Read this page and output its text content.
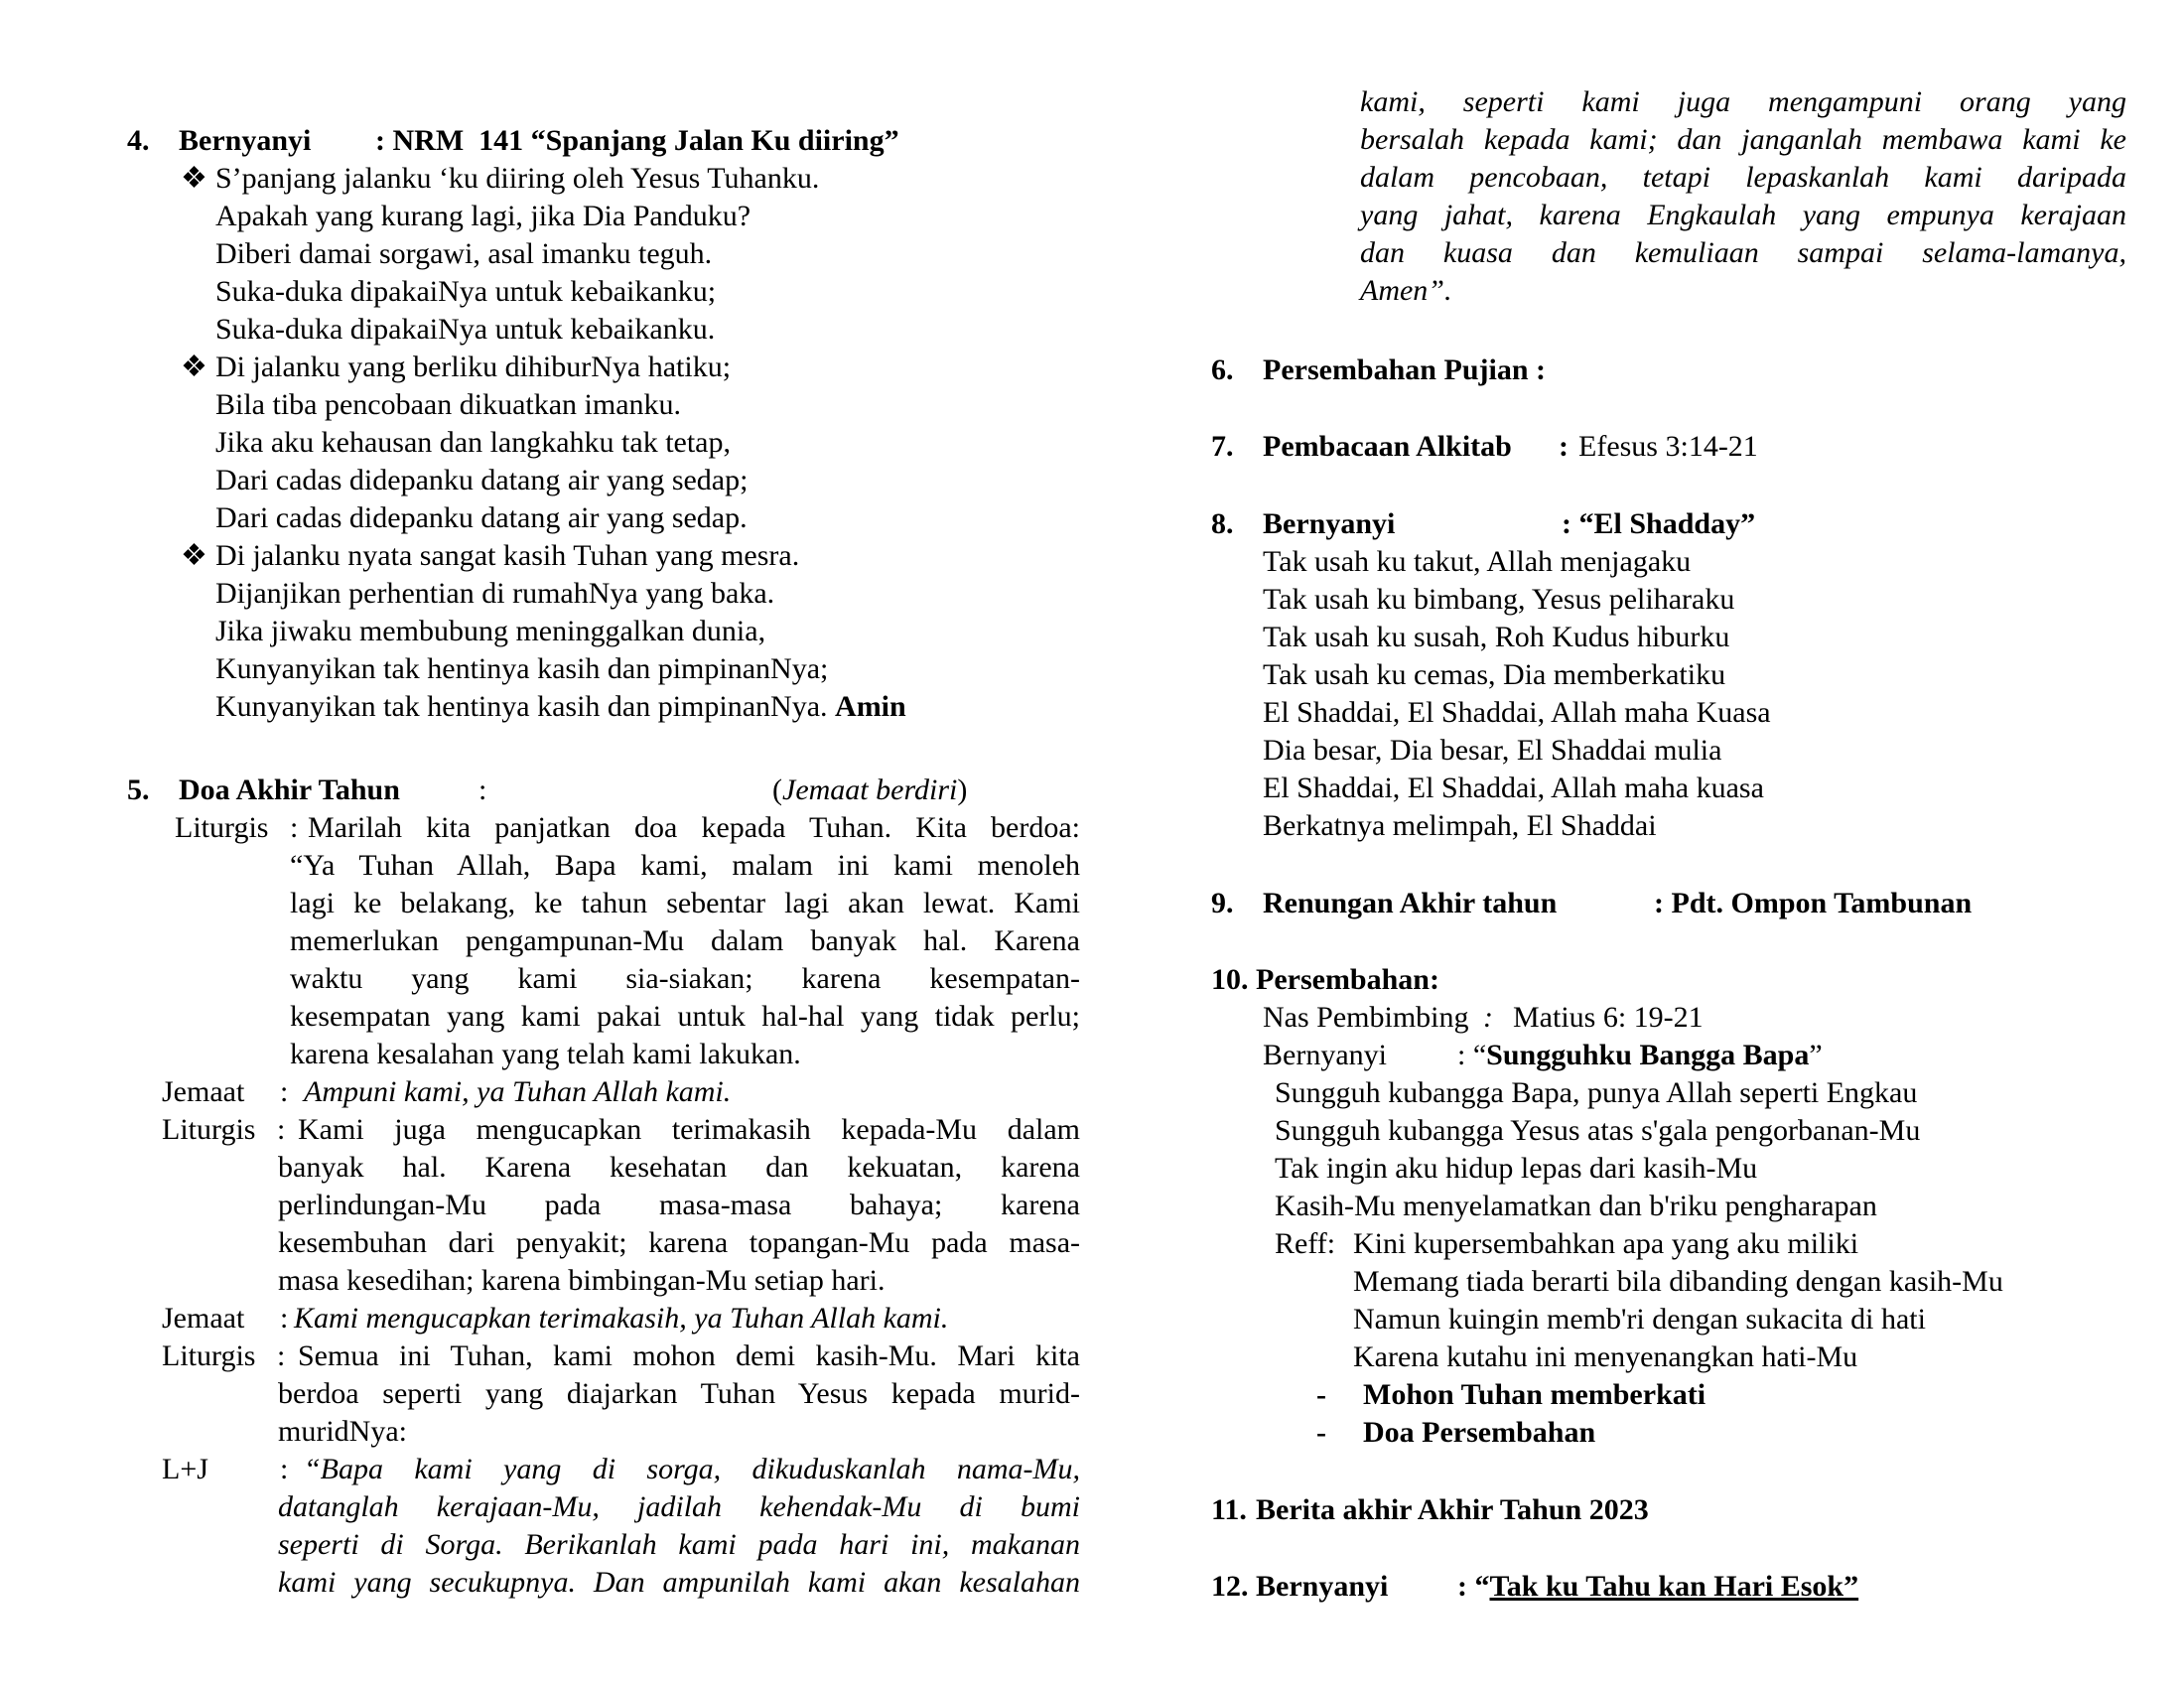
4. Bernyanyi : NRM  141 “Spanjang Jalan Ku diiring”
❖ S’panjang jalanku ‘ku diiring oleh Yesus Tuhanku.
Apakah yang kurang lagi, jika Dia Panduku?
Diberi damai sorgawi, asal imanku teguh.
Suka-duka dipakaiNya untuk kebaikanku;
Suka-duka dipakaiNya untuk kebaikanku.
❖ Di jalanku yang berliku dihiburNya hatiku;
Bila tiba pencobaan dikuatkan imanku.
Jika aku kehausan dan langkahku tak tetap,
Dari cadas didepanku datang air yang sedap;
Dari cadas didepanku datang air yang sedap.
❖ Di jalanku nyata sangat kasih Tuhan yang mesra.
Dijanjikan perhentian di rumahNya yang baka.
Jika jiwaku membubung meninggalkan dunia,
Kunyanyikan tak hentinya kasih dan pimpinanNya;
Kunyanyikan tak hentinya kasih dan pimpinanNya. Amin
5. Doa Akhir Tahun	:	(Jemaat berdiri)
Liturgis : Marilah kita panjatkan doa kepada Tuhan. Kita berdoa:
“Ya Tuhan Allah, Bapa kami, malam ini kami menoleh
lagi ke belakang, ke tahun sebentar lagi akan lewat. Kami
memerlukan pengampunan-Mu dalam banyak hal. Karena
waktu yang kami sia-siakan; karena kesempatan-
kesempatan yang kami pakai untuk hal-hal yang tidak perlu;
karena kesalahan yang telah kami lakukan.
Jemaat : Ampuni kami, ya Tuhan Allah kami.
Liturgis : Kami juga mengucapkan terimakasih kepada-Mu dalam
banyak hal. Karena kesehatan dan kekuatan, karena
perlindungan-Mu pada masa-masa bahaya; karena
kesembuhan dari penyakit; karena topangan-Mu pada masa-
masa kesedihan; karena bimbingan-Mu setiap hari.
Jemaat : Kami mengucapkan terimakasih, ya Tuhan Allah kami.
Liturgis : Semua ini Tuhan, kami mohon demi kasih-Mu. Mari kita
berdoa seperti yang diajarkan Tuhan Yesus kepada murid-
muridNya:
L+J : “Bapa kami yang di sorga, dikuduskanlah nama-Mu,
datanglah kerajaan-Mu, jadilah kehendak-Mu di bumi
seperti di Sorga. Berikanlah kami pada hari ini, makanan
kami yang secukupnya. Dan ampunilah kami akan kesalahan
kami, seperti kami juga mengampuni orang yang
bersalah kepada kami; dan janganlah membawa kami ke
dalam pencobaan, tetapi lepaskanlah kami daripada
yang jahat, karena Engkaulah yang empunya kerajaan
dan kuasa dan kemuliaan sampai selama-lamanya,
Amen”.
6. Persembahan Pujian :
7. Pembacaan Alkitab : Efesus 3:14-21
8. Bernyanyi	: “El Shadday”
Tak usah ku takut, Allah menjagaku
Tak usah ku bimbang, Yesus peliharaku
Tak usah ku susah, Roh Kudus hiburku
Tak usah ku cemas, Dia memberkatiku
El Shaddai, El Shaddai, Allah maha Kuasa
Dia besar, Dia besar, El Shaddai mulia
El Shaddai, El Shaddai, Allah maha kuasa
Berkatnya melimpah, El Shaddai
9. Renungan Akhir tahun	: Pdt. Ompon Tambunan
10. Persembahan:
Nas Pembimbing : Matius 6: 19-21
Bernyanyi : “Sungguhku Bangga Bapa”
Sungguh kubangga Bapa, punya Allah seperti Engkau
Sungguh kubangga Yesus atas s'gala pengorbanan-Mu
Tak ingin aku hidup lepas dari kasih-Mu
Kasih-Mu menyelamatkan dan b'riku pengharapan
Reff: Kini kupersembahkan apa yang aku miliki
Memang tiada berarti bila dibanding dengan kasih-Mu
Namun kuingin memb'ri dengan sukacita di hati
Karena kutahu ini menyenangkan hati-Mu
- Mohon Tuhan memberkati
- Doa Persembahan
11. Berita akhir Akhir Tahun 2023
12. Bernyanyi : “Tak ku Tahu kan Hari Esok”
